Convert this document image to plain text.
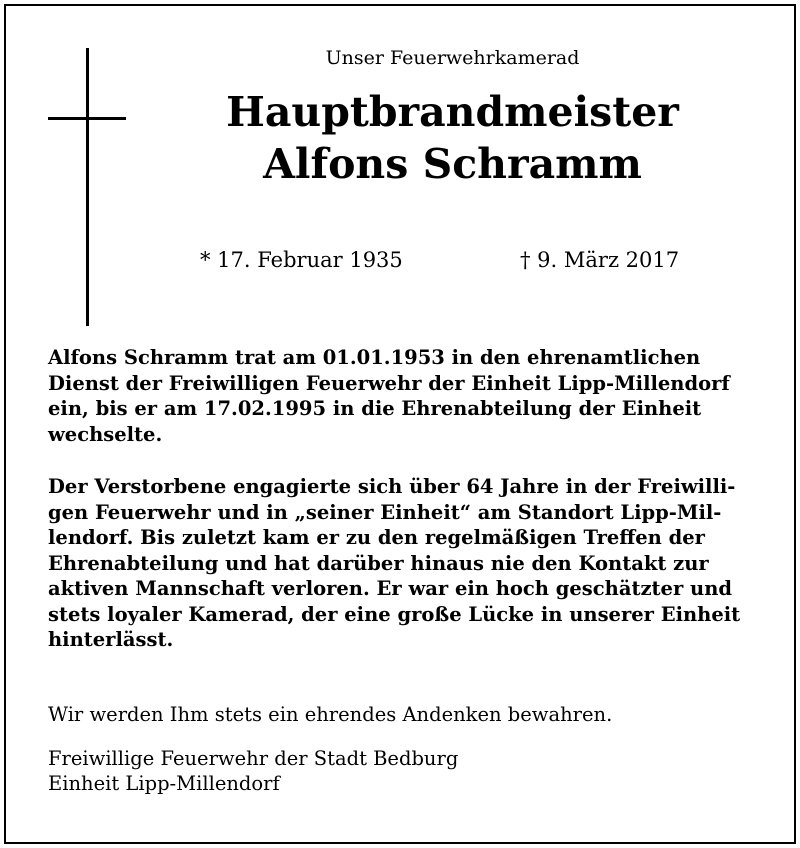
Unser Feuerwehrkamerad
Hauptbrandmeister
Alfons Schramm
* 17. Februar 1935	† 9. März 2017
Alfons Schramm trat am 01.01.1953 in den ehrenamtlichen
Dienst der Freiwilligen Feuerwehr der Einheit Lipp-Millendorf
ein, bis er am 17.02.1995 in die Ehrenabteilung der Einheit
wechselte.
Der Verstorbene engagierte sich über 64 Jahre in der Freiwilli-
gen Feuerwehr und in „seiner Einheit“ am Standort Lipp-Mil-
lendorf. Bis zuletzt kam er zu den regelmäßigen Treffen der
Ehrenabteilung und hat darüber hinaus nie den Kontakt zur
aktiven Mannschaft verloren. Er war ein hoch geschätzter und
stets loyaler Kamerad, der eine große Lücke in unserer Einheit
hinterlässt.
Wir werden Ihm stets ein ehrendes Andenken bewahren.
Freiwillige Feuerwehr der Stadt Bedburg
Einheit Lipp-Millendorf
